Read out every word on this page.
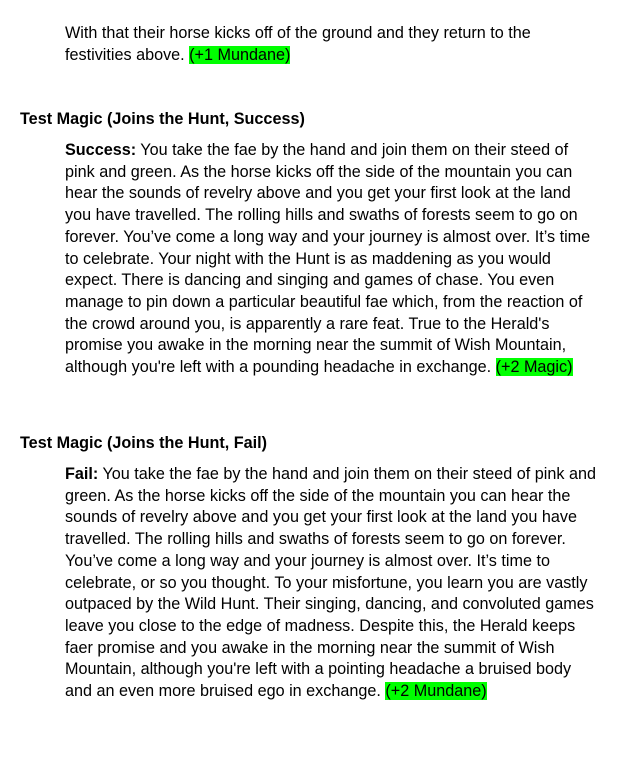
With that their horse kicks off of the ground and they return to the festivities above. (+1 Mundane)

Test Magic (Joins the Hunt, Success)

Success: You take the fae by the hand and join them on their steed of pink and green. As the horse kicks off the side of the mountain you can hear the sounds of revelry above and you get your first look at the land you have travelled. The rolling hills and swaths of forests seem to go on forever. You’ve come a long way and your journey is almost over. It’s time to celebrate. Your night with the Hunt is as maddening as you would expect. There is dancing and singing and games of chase. You even manage to pin down a particular beautiful fae which, from the reaction of the crowd around you, is apparently a rare feat. True to the Herald's promise you awake in the morning near the summit of Wish Mountain, although you're left with a pounding headache in exchange. (+2 Magic)

Test Magic (Joins the Hunt, Fail)

Fail: You take the fae by the hand and join them on their steed of pink and green. As the horse kicks off the side of the mountain you can hear the sounds of revelry above and you get your first look at the land you have travelled. The rolling hills and swaths of forests seem to go on forever. You’ve come a long way and your journey is almost over. It’s time to celebrate, or so you thought. To your misfortune, you learn you are vastly outpaced by the Wild Hunt. Their singing, dancing, and convoluted games leave you close to the edge of madness. Despite this, the Herald keeps faer promise and you awake in the morning near the summit of Wish Mountain, although you're left with a pointing headache a bruised body and an even more bruised ego in exchange. (+2 Mundane)
